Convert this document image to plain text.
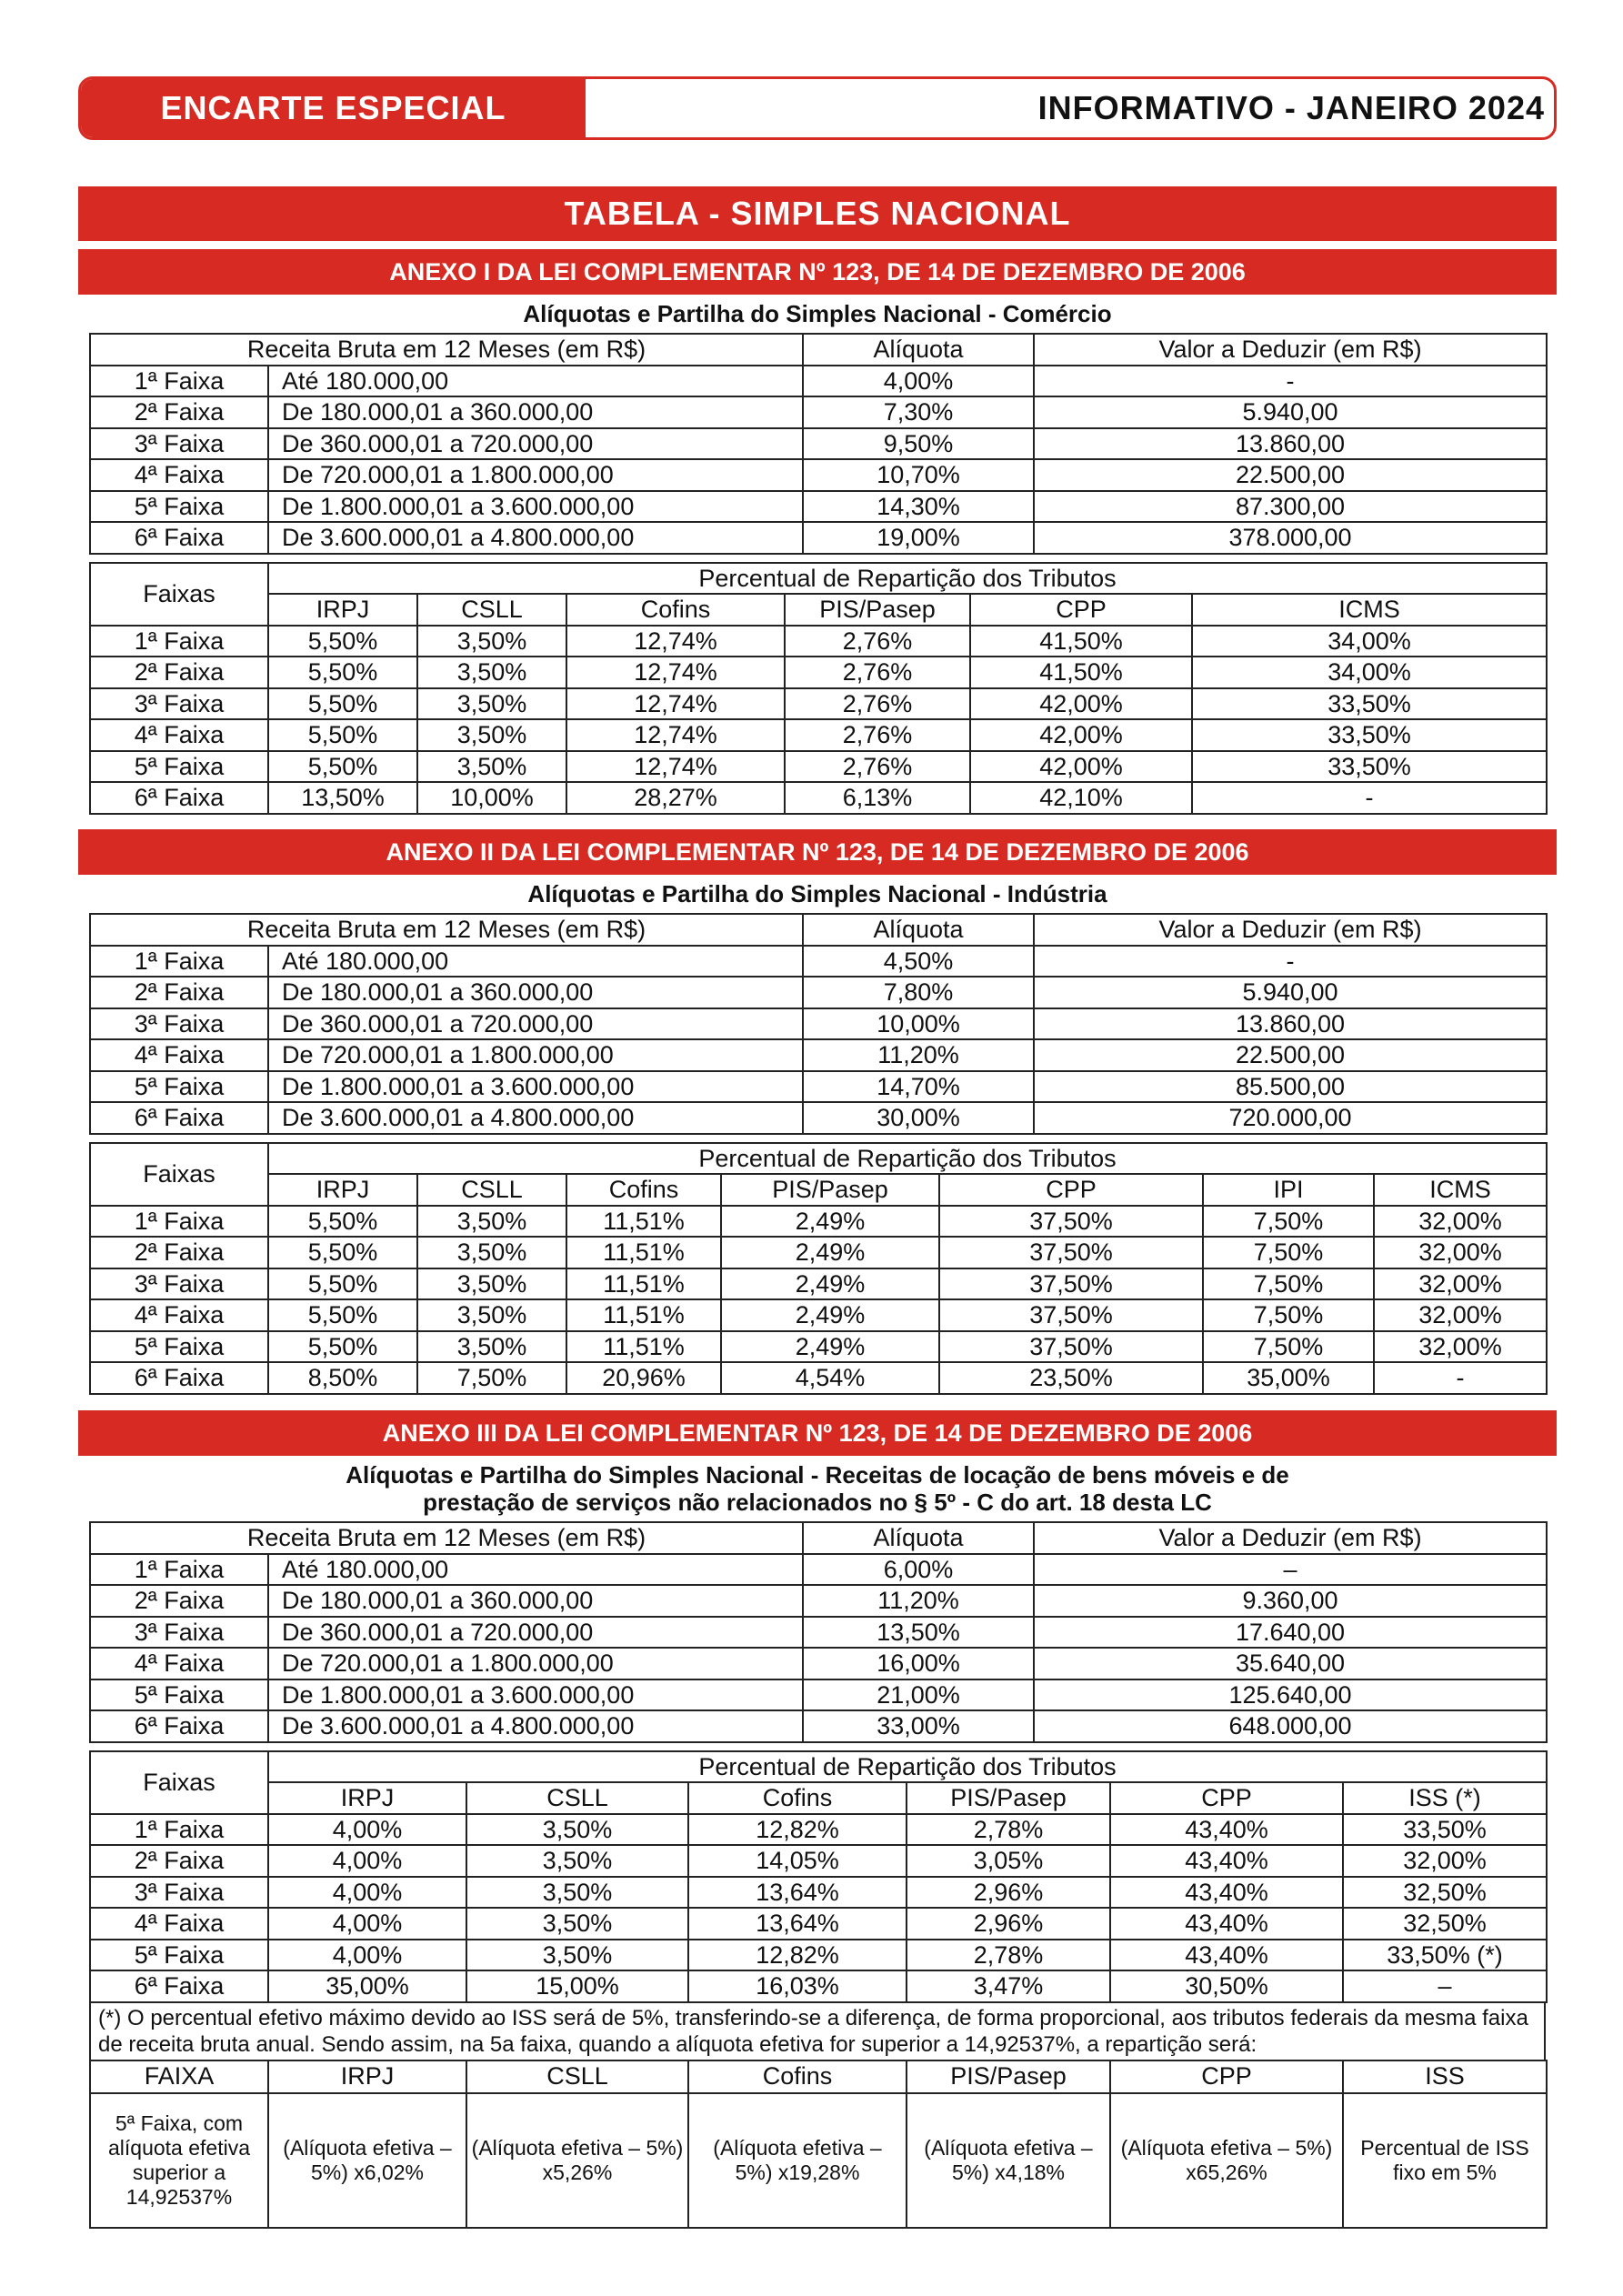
ENCARTE ESPECIAL	INFORMATIVO - JANEIRO 2024
TABELA - SIMPLES NACIONAL
ANEXO I DA LEI COMPLEMENTAR Nº 123, DE 14 DE DEZEMBRO DE 2006
Alíquotas e Partilha do Simples Nacional - Comércio
Receita Bruta em 12 Meses (em R$)		Alíquota	Valor a Deduzir (em R$)
1ª Faixa	Até 180.000,00	4,00%	-
2ª Faixa	De 180.000,01 a 360.000,00	7,30%	5.940,00
3ª Faixa	De 360.000,01 a 720.000,00	9,50%	13.860,00
4ª Faixa	De 720.000,01 a 1.800.000,00	10,70%	22.500,00
5ª Faixa	De 1.800.000,01 a 3.600.000,00	14,30%	87.300,00
6ª Faixa	De 3.600.000,01 a 4.800.000,00	19,00%	378.000,00
Faixas	Percentual de Repartição dos Tributos					
	IRPJ	CSLL	Cofins	PIS/Pasep	CPP	ICMS
1ª Faixa	5,50%	3,50%	12,74%	2,76%	41,50%	34,00%
2ª Faixa	5,50%	3,50%	12,74%	2,76%	41,50%	34,00%
3ª Faixa	5,50%	3,50%	12,74%	2,76%	42,00%	33,50%
4ª Faixa	5,50%	3,50%	12,74%	2,76%	42,00%	33,50%
5ª Faixa	5,50%	3,50%	12,74%	2,76%	42,00%	33,50%
6ª Faixa	13,50%	10,00%	28,27%	6,13%	42,10%	-
ANEXO II DA LEI COMPLEMENTAR Nº 123, DE 14 DE DEZEMBRO DE 2006
Alíquotas e Partilha do Simples Nacional - Indústria
Receita Bruta em 12 Meses (em R$)		Alíquota	Valor a Deduzir (em R$)
1ª Faixa	Até 180.000,00	4,50%	-
2ª Faixa	De 180.000,01 a 360.000,00	7,80%	5.940,00
3ª Faixa	De 360.000,01 a 720.000,00	10,00%	13.860,00
4ª Faixa	De 720.000,01 a 1.800.000,00	11,20%	22.500,00
5ª Faixa	De 1.800.000,01 a 3.600.000,00	14,70%	85.500,00
6ª Faixa	De 3.600.000,01 a 4.800.000,00	30,00%	720.000,00
Faixas	Percentual de Repartição dos Tributos						
	IRPJ	CSLL	Cofins	PIS/Pasep	CPP	IPI	ICMS
1ª Faixa	5,50%	3,50%	11,51%	2,49%	37,50%	7,50%	32,00%
2ª Faixa	5,50%	3,50%	11,51%	2,49%	37,50%	7,50%	32,00%
3ª Faixa	5,50%	3,50%	11,51%	2,49%	37,50%	7,50%	32,00%
4ª Faixa	5,50%	3,50%	11,51%	2,49%	37,50%	7,50%	32,00%
5ª Faixa	5,50%	3,50%	11,51%	2,49%	37,50%	7,50%	32,00%
6ª Faixa	8,50%	7,50%	20,96%	4,54%	23,50%	35,00%	-
ANEXO III DA LEI COMPLEMENTAR Nº 123, DE 14 DE DEZEMBRO DE 2006
Alíquotas e Partilha do Simples Nacional - Receitas de locação de bens móveis e de
prestação de serviços não relacionados no § 5º - C do art. 18 desta LC
Receita Bruta em 12 Meses (em R$)		Alíquota	Valor a Deduzir (em R$)
1ª Faixa	Até 180.000,00	6,00%	–
2ª Faixa	De 180.000,01 a 360.000,00	11,20%	9.360,00
3ª Faixa	De 360.000,01 a 720.000,00	13,50%	17.640,00
4ª Faixa	De 720.000,01 a 1.800.000,00	16,00%	35.640,00
5ª Faixa	De 1.800.000,01 a 3.600.000,00	21,00%	125.640,00
6ª Faixa	De 3.600.000,01 a 4.800.000,00	33,00%	648.000,00
Faixas	Percentual de Repartição dos Tributos					
	IRPJ	CSLL	Cofins	PIS/Pasep	CPP	ISS (*)
1ª Faixa	4,00%	3,50%	12,82%	2,78%	43,40%	33,50%
2ª Faixa	4,00%	3,50%	14,05%	3,05%	43,40%	32,00%
3ª Faixa	4,00%	3,50%	13,64%	2,96%	43,40%	32,50%
4ª Faixa	4,00%	3,50%	13,64%	2,96%	43,40%	32,50%
5ª Faixa	4,00%	3,50%	12,82%	2,78%	43,40%	33,50% (*)
6ª Faixa	35,00%	15,00%	16,03%	3,47%	30,50%	–
(*) O percentual efetivo máximo devido ao ISS será de 5%, transferindo-se a diferença, de forma proporcional, aos tributos federais da mesma faixa de receita bruta anual. Sendo assim, na 5a faixa, quando a alíquota efetiva for superior a 14,92537%, a repartição será:
FAIXA	IRPJ	CSLL	Cofins	PIS/Pasep	CPP	ISS
5ª Faixa, com alíquota efetiva superior a 14,92537%	(Alíquota efetiva – 5%) x6,02%	(Alíquota efetiva – 5%) x5,26%	(Alíquota efetiva – 5%) x19,28%	(Alíquota efetiva – 5%) x4,18%	(Alíquota efetiva – 5%) x65,26%	Percentual de ISS fixo em 5%
